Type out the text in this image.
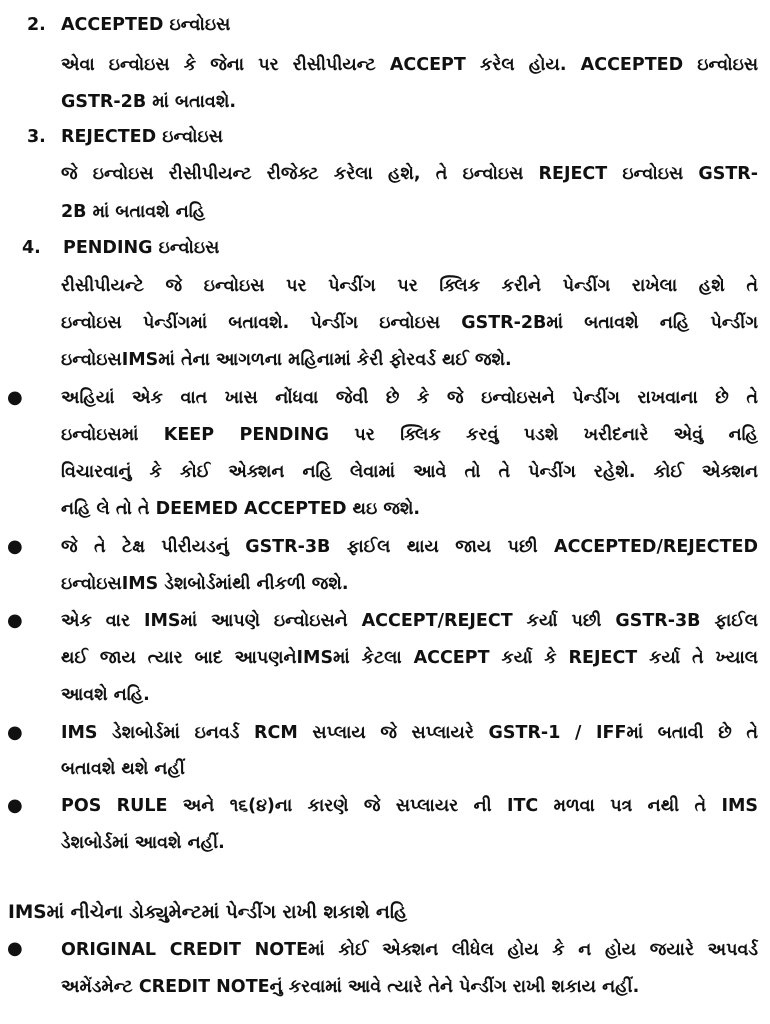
2. ACCEPTED ઇન્વોઇસ
એવા ઇન્વોઇસ કે જેના પર રીસીપીયન્ટ ACCEPT કરેલ હોય. ACCEPTED ઇન્વોઇસ
GSTR-2B માં બતાવશે.
3. REJECTED ઇન્વોઇસ
જે ઇન્વોઇસ રીસીપીયન્ટ રીજેક્ટ કરેલા હશે, તે ઇન્વોઇસ REJECT ઇન્વોઇસ GSTR-
2B માં બતાવશે નહિ
4. PENDING ઇન્વોઇસ
રીસીપીયન્ટે જે ઇન્વોઇસ પર પેન્ડીંગ પર ક્લિક કરીને પેન્ડીંગ રાખેલા હશે તે
ઇન્વોઇસ પેન્ડીંગમાં બતાવશે. પેન્ડીંગ ઇન્વોઇસ GSTR-2Bમાં બતાવશે નહિ પેન્ડીંગ
ઇન્વોઇસIMSમાં તેના આગળના મહિનામાં કેરી ફોરવર્ડ થઈ જશે.
● અહિયાં એક વાત ખાસ નોંધવા જેવી છે કે જે ઇન્વોઇસને પેન્ડીંગ રાખવાના છે તે
ઇન્વોઇસમાં KEEP PENDING પર ક્લિક કરવું પડશે ખરીદનારે એવું નહિ
વિચારવાનું કે કોઈ એક્શન નહિ લેવામાં આવે તો તે પેન્ડીંગ રહેશે. કોઈ એક્શન
નહિ લે તો તે DEEMED ACCEPTED થઇ જશે.
● જે તે ટેક્ષ પીરીયડનું GSTR-3B ફાઈલ થાય જાય પછી ACCEPTED/REJECTED
ઇન્વોઇસIMS ડેશબોર્ડમાંથી નીકળી જશે.
● એક વાર IMSમાં આપણે ઇન્વોઇસને ACCEPT/REJECT કર્યા પછી GSTR-3B ફાઈલ
થઈ જાય ત્યાર બાદ આપણનેIMSમાં કેટલા ACCEPT કર્યા કે REJECT કર્યા તે ખ્યાલ
આવશે નહિ.
● IMS ડેશબોર્ડમાં ઇનવર્ડ RCM સપ્લાય જે સપ્લાયરે GSTR-1 / IFFમાં બતાવી છે તે
બતાવશે થશે નહીં
● POS RULE અને ૧૬(૪)ના કારણે જે સપ્લાયર ની ITC મળવા પત્ર નથી તે IMS
ડેશબોર્ડમાં આવશે નહીં.
IMSમાં નીચેના ડોક્યુમેન્ટમાં પેન્ડીંગ રાખી શકાશે નહિ
● ORIGINAL CREDIT NOTEમાં કોઈ એક્શન લીધેલ હોય કે ન હોય જયારે અપવર્ડ
અમેંડમેન્ટ CREDIT NOTEનું કરવામાં આવે ત્યારે તેને પેન્ડીંગ રાખી શકાય નહીં.
